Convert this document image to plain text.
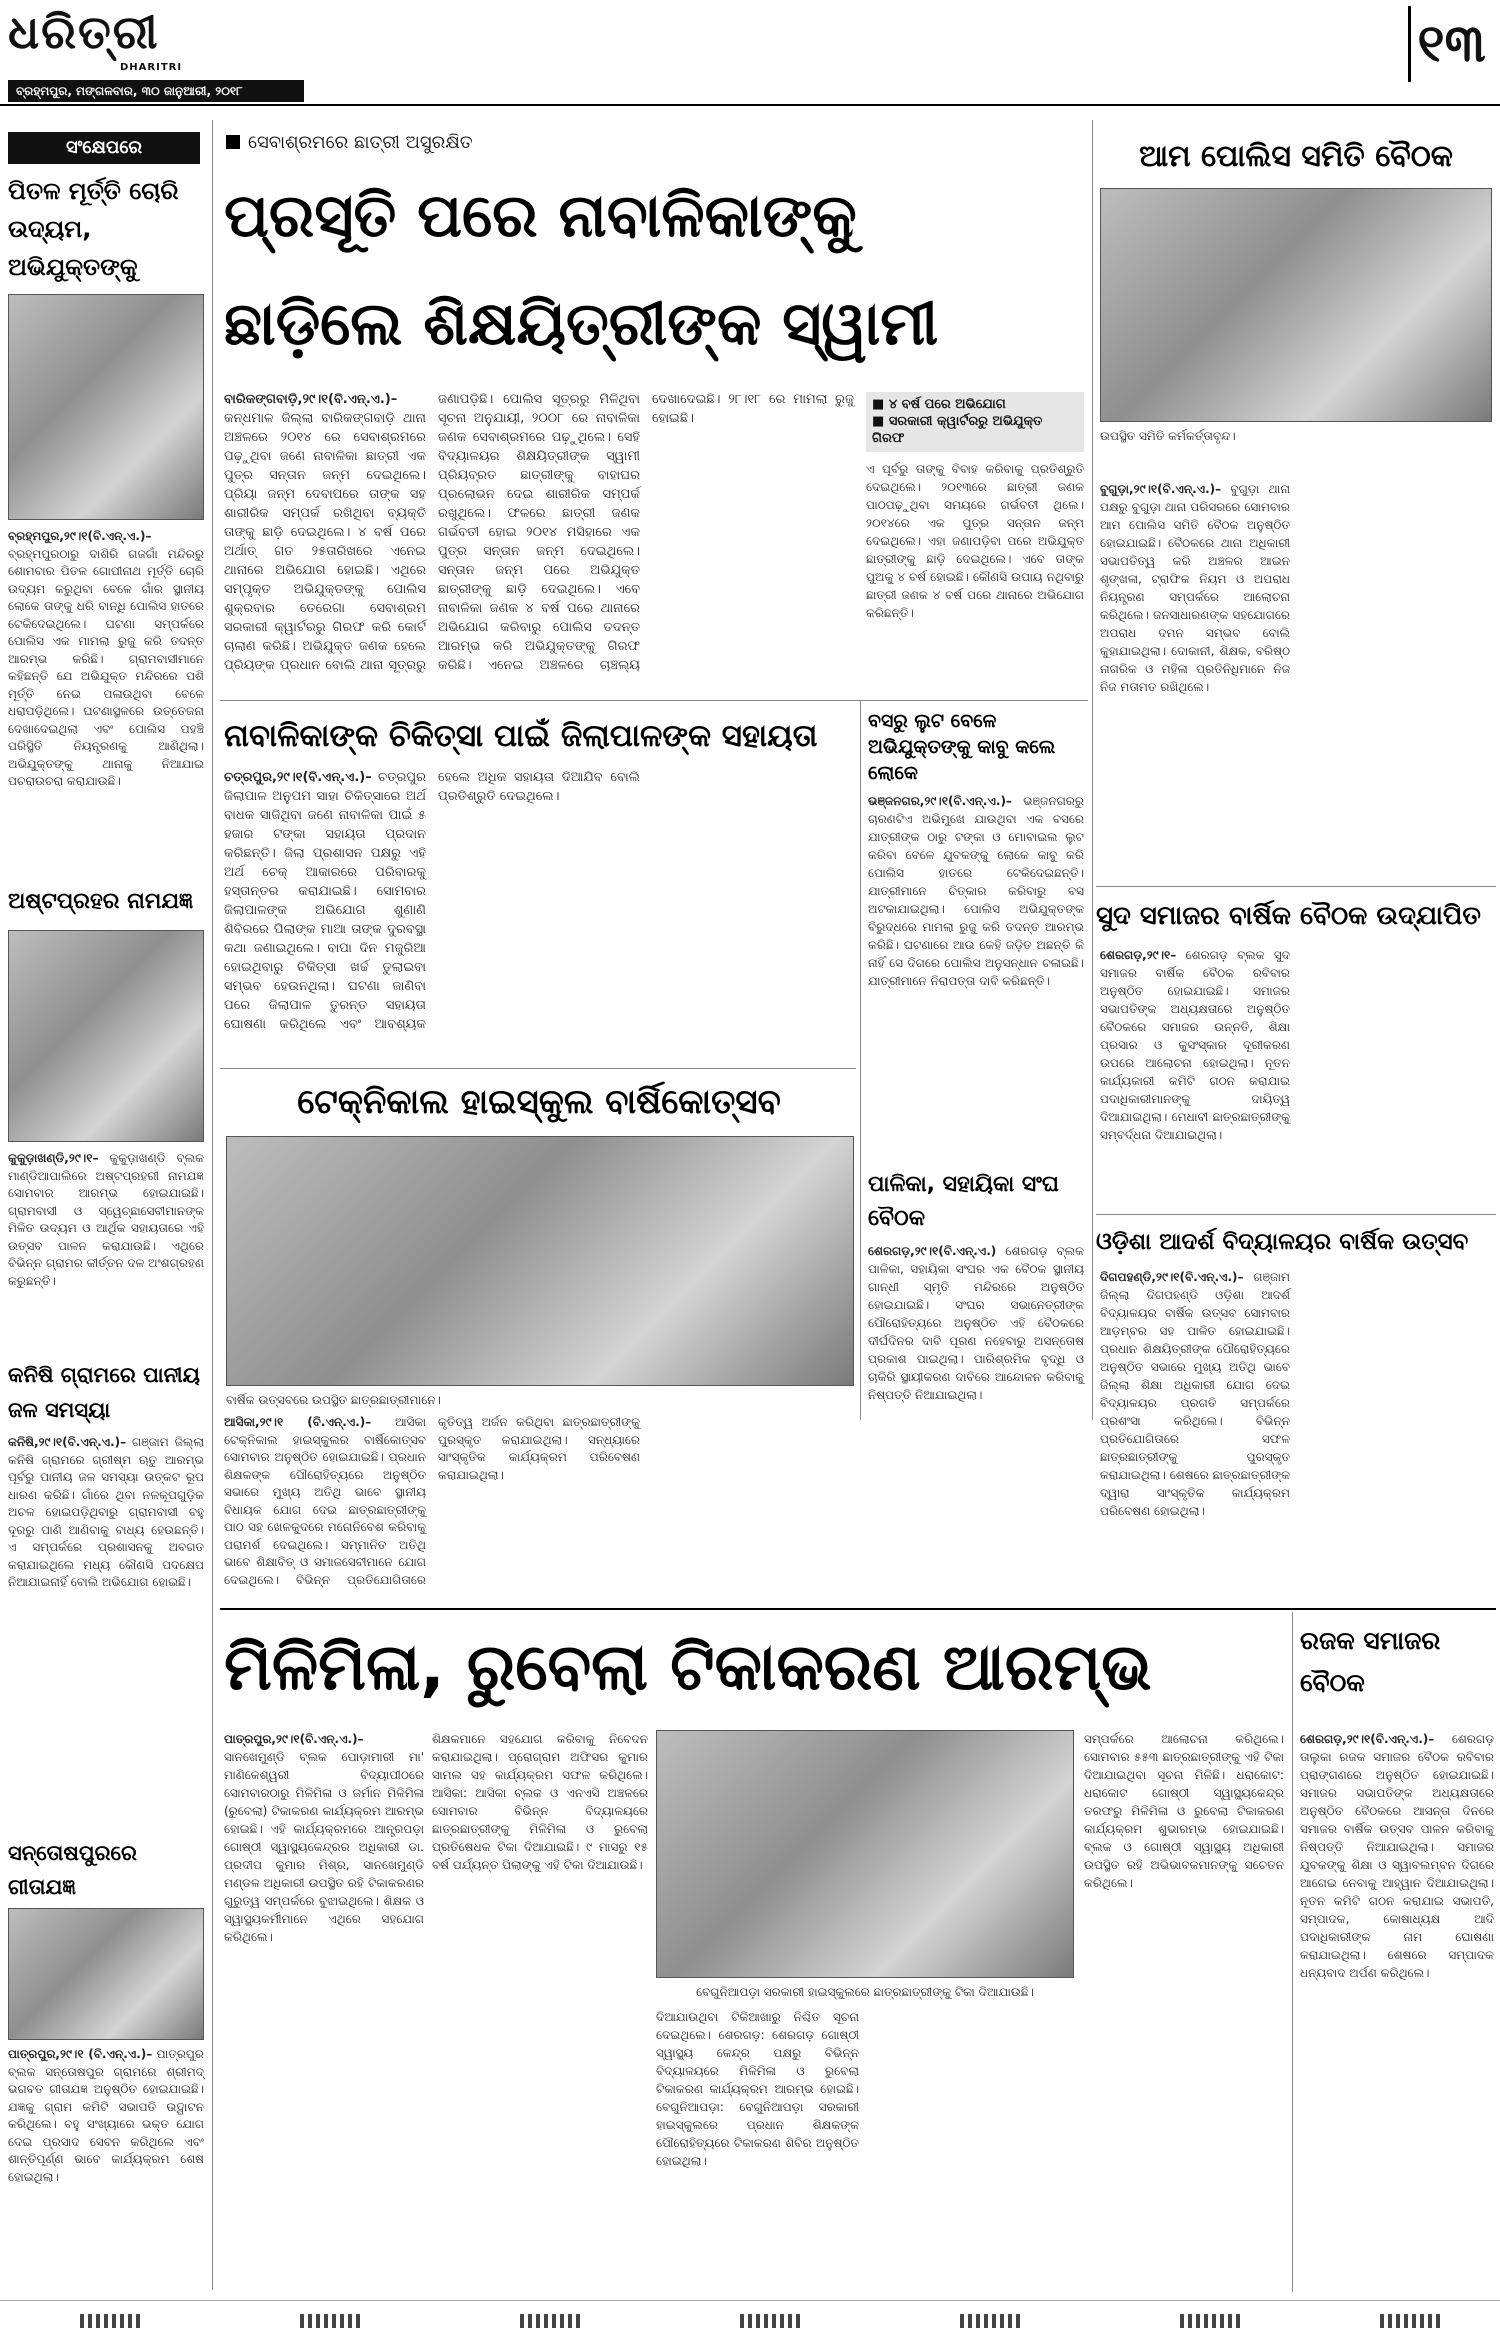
ଧରିତ୍ରୀ
DHARITRI
ବ୍ରହ୍ମପୁର, ମଙ୍ଗଳବାର, ୩୦ ଜାନୁଆରୀ, ୨୦୧୮
୧୩
ସଂକ୍ଷେପରେ
ପିତଳ ମୂର୍ତ୍ତି ଚୋରି ଉଦ୍ୟମ, ଅଭିଯୁକ୍ତଙ୍କୁ
ବ୍ରହ୍ମପୁର,୨୯।୧(ବି.ଏନ୍.ଏ.)– ବ୍ରହ୍ମପୁରଠାରୁ ଦାଶିରି ଗଜଗାଁ ମନ୍ଦିରରୁ ଶୋମବାର ପିତଳ ଗୋପୀନାଥ ମୂର୍ତ୍ତି ଚୋରି ଉଦ୍ୟମ କରୁଥିବା ବେଳେ ଗାଁର ସ୍ଥାନୀୟ ଲୋକେ ତାଙ୍କୁ ଧରି ବାନ୍ଧି ପୋଲିସ ହାତରେ ଟେକିଦେଇଥିଲେ। ଘଟଣା ସମ୍ପର୍କରେ ପୋଲିସ ଏକ ମାମଲା ରୁଜୁ କରି ତଦନ୍ତ ଆରମ୍ଭ କରିଛି। ଗ୍ରାମବାସୀମାନେ କହିଛନ୍ତି ଯେ ଅଭିଯୁକ୍ତ ମନ୍ଦିରରେ ପଶି ମୂର୍ତ୍ତି ନେଇ ପଳାଉଥିବା ବେଳେ ଧରାପଡ଼ିଥିଲେ। ଘଟଣାସ୍ଥଳରେ ଉତ୍ତେଜନା ଦେଖାଦେଇଥିଲା ଏବଂ ପୋଲିସ ପହଞ୍ଚି ପରିସ୍ଥିତି ନିୟନ୍ତ୍ରଣକୁ ଆଣିଥିଲା। ଅଭିଯୁକ୍ତଙ୍କୁ ଥାନାକୁ ନିଆଯାଇ ପଚରାଉଚରା କରାଯାଉଛି।
ଅଷ୍ଟପ୍ରହର ନାମଯଜ୍ଞ
କୁକୁଡ଼ାଖଣ୍ଡି,୨୯।୧– କୁକୁଡ଼ାଖଣ୍ଡି ବ୍ଲକ ମାଣ୍ଡିଆପାଲିରେ ଅଷ୍ଟପ୍ରହରୀ ନାମଯଜ୍ଞ ସୋମବାର ଆରମ୍ଭ ହୋଇଯାଇଛି। ଗ୍ରାମବାସୀ ଓ ସ୍ୱେଚ୍ଛାସେବୀମାନଙ୍କ ମିଳିତ ଉଦ୍ୟମ ଓ ଆର୍ଥିକ ସହାୟତାରେ ଏହି ଉତ୍ସବ ପାଳନ କରାଯାଉଛି। ଏଥିରେ ବିଭିନ୍ନ ଗ୍ରାମର କୀର୍ତ୍ତନ ଦଳ ଅଂଶଗ୍ରହଣ କରୁଛନ୍ତି।
କନିଷି ଗ୍ରାମରେ ପାନୀୟ ଜଳ ସମସ୍ୟା
କନିଷି,୨୯।୧(ବି.ଏନ୍.ଏ.)– ଗଞ୍ଜାମ ଜିଲ୍ଲା କନିଷି ଗ୍ରାମରେ ଗ୍ରୀଷ୍ମ ଋତୁ ଆରମ୍ଭ ପୂର୍ବରୁ ପାନୀୟ ଜଳ ସମସ୍ୟା ଉତ୍କଟ ରୂପ ଧାରଣ କରିଛି। ଗାଁରେ ଥିବା ନଳକୂପଗୁଡ଼ିକ ଅଚଳ ହୋଇପଡ଼ିଥିବାରୁ ଗ୍ରାମବାସୀ ବହୁ ଦୂରରୁ ପାଣି ଆଣିବାକୁ ବାଧ୍ୟ ହେଉଛନ୍ତି। ଏ ସମ୍ପର୍କରେ ପ୍ରଶାସନକୁ ଅବଗତ କରାଯାଇଥିଲେ ମଧ୍ୟ କୌଣସି ପଦକ୍ଷେପ ନିଆଯାଇନାହିଁ ବୋଲି ଅଭିଯୋଗ ହୋଇଛି।
ସନ୍ତୋଷପୁରରେ ଗୀତାଯଜ୍ଞ
ପାତ୍ରପୁର,୨୯।୧ (ବି.ଏନ୍.ଏ.)– ପାତ୍ରପୁର ବ୍ଲକ ସନ୍ତୋଷପୁର ଗ୍ରାମରେ ଶ୍ରୀମଦ୍ ଭଗବତ ଗୀତାଯଜ୍ଞ ଅନୁଷ୍ଠିତ ହୋଇଯାଇଛି। ଯଜ୍ଞକୁ ଗ୍ରାମ କମିଟି ସଭାପତି ଉଦ୍ଘାଟନ କରିଥିଲେ। ବହୁ ସଂଖ୍ୟାରେ ଭକ୍ତ ଯୋଗ ଦେଇ ପ୍ରସାଦ ସେବନ କରିଥିଲେ ଏବଂ ଶାନ୍ତିପୂର୍ଣ୍ଣ ଭାବେ କାର୍ଯ୍ୟକ୍ରମ ଶେଷ ହୋଇଥିଲା।
ସେବାଶ୍ରମରେ ଛାତ୍ରୀ ଅସୁରକ୍ଷିତ
ପ୍ରସୂତି ପରେ ନାବାଳିକାଙ୍କୁ
ଛାଡ଼ିଲେ ଶିକ୍ଷୟିତ୍ରୀଙ୍କ ସ୍ୱାମୀ
ବାରିକଙ୍ଗବାଡ଼ି,୨୯।୧(ବି.ଏନ୍.ଏ.)– କନ୍ଧମାଳ ଜିଲ୍ଲା ବାରିକଙ୍ଗବାଡ଼ି ଥାନା ଅଞ୍ଚଳରେ ୨୦୧୪ ରେ ସେବାଶ୍ରମରେ ପଢ଼ୁଥିବା ଜଣେ ନାବାଳିକା ଛାତ୍ରୀ ଏକ ପୁତ୍ର ସନ୍ତାନ ଜନ୍ମ ଦେଇଥିଲେ। ପ୍ରିୟା ଜନ୍ମ ଦେବାପରେ ତାଙ୍କ ସହ ଶାରୀରିକ ସମ୍ପର୍କ ରଖିଥିବା ବ୍ୟକ୍ତି ତାଙ୍କୁ ଛାଡ଼ି ଦେଇଥିଲେ। ୪ ବର୍ଷ ପରେ ଅର୍ଥାତ୍ ଗତ ୨୫ତାରିଖରେ ଏନେଇ ଥାନାରେ ଅଭିଯୋଗ ହୋଇଛି। ଏଥିରେ ସମ୍ପୃକ୍ତ ଅଭିଯୁକ୍ତଙ୍କୁ ପୋଲିସ ଶୁକ୍ରବାର ତେରେଗା ସେବାଶ୍ରମ ସରକାରୀ କ୍ୱାର୍ଟରରୁ ଗିରଫ କରି କୋର୍ଟ ଚାଲାଣ କରିଛି। ଅଭିଯୁକ୍ତ ଜଣକ ହେଲେ ପ୍ରିୟଙ୍କ ପ୍ରଧାନ ବୋଲି ଥାନା ସୂତ୍ରରୁ ଜଣାପଡ଼ିଛି। ପୋଲିସ ସୂତ୍ରରୁ ମିଳିଥିବା ସୂଚନା ଅନୁଯାୟୀ, ୨୦୦୮ ରେ ନାବାଳିକା ଜଣକ ସେବାଶ୍ରମରେ ପଢ଼ୁଥିଲେ। ସେହି ବିଦ୍ୟାଳୟର ଶିକ୍ଷୟିତ୍ରୀଙ୍କ ସ୍ୱାମୀ ପ୍ରିୟବ୍ରତ ଛାତ୍ରୀଙ୍କୁ ବାହାଘର ପ୍ରଲୋଭନ ଦେଇ ଶାରୀରିକ ସମ୍ପର୍କ ରଖୁଥିଲେ। ଫଳରେ ଛାତ୍ରୀ ଜଣକ ଗର୍ଭବତୀ ହୋଇ ୨୦୧୪ ମସିହାରେ ଏକ ପୁତ୍ର ସନ୍ତାନ ଜନ୍ମ ଦେଇଥିଲେ। ସନ୍ତାନ ଜନ୍ମ ପରେ ଅଭିଯୁକ୍ତ ଛାତ୍ରୀଙ୍କୁ ଛାଡ଼ି ଦେଇଥିଲେ। ଏବେ ନାବାଳିକା ଜଣକ ୪ ବର୍ଷ ପରେ ଥାନାରେ ଅଭିଯୋଗ କରିବାରୁ ପୋଲିସ ତଦନ୍ତ ଆରମ୍ଭ କରି ଅଭିଯୁକ୍ତଙ୍କୁ ଗିରଫ କରିଛି। ଏନେଇ ଅଞ୍ଚଳରେ ଚାଞ୍ଚଲ୍ୟ ଦେଖାଦେଇଛି। ୨୮।୧୮ ରେ ମାମଲା ରୁଜୁ ହୋଇଛି।
■ ୪ ବର୍ଷ ପରେ ଅଭିଯୋଗ
■ ସରକାରୀ କ୍ୱାର୍ଟରରୁ ଅଭିଯୁକ୍ତ ଗିରଫ
ଏ ପୂର୍ବରୁ ତାଙ୍କୁ ବିବାହ କରିବାକୁ ପ୍ରତିଶ୍ରୁତି ଦେଇଥିଲେ। ୨୦୧୩ରେ ଛାତ୍ରୀ ଜଣକ ପାଠପଢ଼ୁଥିବା ସମୟରେ ଗର୍ଭବତୀ ଥିଲେ। ୨୦୧୪ରେ ଏକ ପୁତ୍ର ସନ୍ତାନ ଜନ୍ମ ଦେଇଥିଲେ। ଏହା ଜଣାପଡ଼ିବା ପରେ ଅଭିଯୁକ୍ତ ଛାତ୍ରୀଙ୍କୁ ଛାଡ଼ି ଦେଇଥିଲେ। ଏବେ ତାଙ୍କ ପୁଅକୁ ୪ ବର୍ଷ ହୋଇଛି। କୌଣସି ଉପାୟ ନଥିବାରୁ ଛାତ୍ରୀ ଜଣକ ୪ ବର୍ଷ ପରେ ଥାନାରେ ଅଭିଯୋଗ କରିଛନ୍ତି।
ନାବାଳିକାଙ୍କ ଚିକିତ୍ସା ପାଇଁ ଜିଲାପାଳଙ୍କ ସହାୟତା
ଚତ୍ରପୁର,୨୯।୧(ବି.ଏନ୍.ଏ.)– ଚତ୍ରପୁର ଜିଲାପାଳ ଅନୁପମ ସାହା ଚିକିତ୍ସାରେ ଅର୍ଥ ବାଧକ ସାଜିଥିବା ଜଣେ ନାବାଳିକା ପାଇଁ ୫ ହଜାର ଟଙ୍କା ସହାୟତା ପ୍ରଦାନ କରିଛନ୍ତି। ଜିଲା ପ୍ରଶାସନ ପକ୍ଷରୁ ଏହି ଅର୍ଥ ଚେକ୍ ଆକାରରେ ପରିବାରକୁ ହସ୍ତାନ୍ତର କରାଯାଇଛି। ସୋମବାର ଜିଲାପାଳଙ୍କ ଅଭିଯୋଗ ଶୁଣାଣି ଶିବିରରେ ପିଲାଙ୍କ ମାଆ ତାଙ୍କ ଦୁରବସ୍ଥା କଥା ଜଣାଇଥିଲେ। ବାପା ଦିନ ମଜୁରିଆ ହୋଇଥିବାରୁ ଚିକିତ୍ସା ଖର୍ଚ୍ଚ ତୁଲାଇବା ସମ୍ଭବ ହେଉନଥିଲା। ଘଟଣା ଜାଣିବା ପରେ ଜିଲାପାଳ ତୁରନ୍ତ ସହାୟତା ଘୋଷଣା କରିଥିଲେ ଏବଂ ଆବଶ୍ୟକ ହେଲେ ଅଧିକ ସହାୟତା ଦିଆଯିବ ବୋଲି ପ୍ରତିଶ୍ରୁତି ଦେଇଥିଲେ।
ବସରୁ ଲୁଟ ବେଳେ ଅଭିଯୁକ୍ତଙ୍କୁ କାବୁ କଲେ ଲୋକେ
ଭଞ୍ଜନଗର,୨୯।୧(ବି.ଏନ୍.ଏ.)– ଭଞ୍ଜନଗରରୁ ଚାରଣଟିଏ ଅଭିମୁଖେ ଯାଉଥିବା ଏକ ବସରେ ଯାତ୍ରୀଙ୍କ ଠାରୁ ଟଙ୍କା ଓ ମୋବାଇଲ ଲୁଟ କରିବା ବେଳେ ଯୁବକଙ୍କୁ ଲୋକେ କାବୁ କରି ପୋଲିସ ହାତରେ ଟେକିଦେଇଛନ୍ତି। ଯାତ୍ରୀମାନେ ଚିତ୍କାର କରିବାରୁ ବସ ଅଟକାଯାଇଥିଲା। ପୋଲିସ ଅଭିଯୁକ୍ତଙ୍କ ବିରୁଦ୍ଧରେ ମାମଲା ରୁଜୁ କରି ତଦନ୍ତ ଆରମ୍ଭ କରିଛି। ଘଟଣାରେ ଆଉ କେହି ଜଡ଼ିତ ଅଛନ୍ତି କି ନାହିଁ ସେ ଦିଗରେ ପୋଲିସ ଅନୁସନ୍ଧାନ ଚଳାଇଛି। ଯାତ୍ରୀମାନେ ନିରାପତ୍ତା ଦାବି କରିଛନ୍ତି।
ପାଳିକା, ସହାୟିକା ସଂଘ ବୈଠକ
ଶେରଗଡ଼,୨୯।୧(ବି.ଏନ୍.ଏ.) ଶେରଗଡ଼ ବ୍ଲକ ପାଳିକା, ସହାୟିକା ସଂଘର ଏକ ବୈଠକ ସ୍ଥାନୀୟ ଗାନ୍ଧୀ ସ୍ମୃତି ମନ୍ଦିରରେ ଅନୁଷ୍ଠିତ ହୋଇଯାଇଛି। ସଂଘର ସଭାନେତ୍ରୀଙ୍କ ପୌରୋହିତ୍ୟରେ ଅନୁଷ୍ଠିତ ଏହି ବୈଠକରେ ଦୀର୍ଘଦିନର ଦାବି ପୂରଣ ନହେବାରୁ ଅସନ୍ତୋଷ ପ୍ରକାଶ ପାଇଥିଲା। ପାରିଶ୍ରମିକ ବୃଦ୍ଧି ଓ ଚାକିରି ସ୍ଥାୟୀକରଣ ଦାବିରେ ଆନ୍ଦୋଳନ କରିବାକୁ ନିଷ୍ପତ୍ତି ନିଆଯାଇଥିଲା।
ଟେକ୍ନିକାଲ ହାଇସ୍କୁଲ ବାର୍ଷିକୋତ୍ସବ
ବାର୍ଷିକ ଉତ୍ସବରେ ଉପସ୍ଥିତ ଛାତ୍ରଛାତ୍ରୀମାନେ।
ଆସିକା,୨୯।୧ (ବି.ଏନ୍.ଏ.)– ଆସିକା ଟେକ୍ନିକାଲ ହାଇସ୍କୁଲର ବାର୍ଷିକୋତ୍ସବ ସୋମବାର ଅନୁଷ୍ଠିତ ହୋଇଯାଇଛି। ପ୍ରଧାନ ଶିକ୍ଷକଙ୍କ ପୌରୋହିତ୍ୟରେ ଅନୁଷ୍ଠିତ ସଭାରେ ମୁଖ୍ୟ ଅତିଥି ଭାବେ ସ୍ଥାନୀୟ ବିଧାୟକ ଯୋଗ ଦେଇ ଛାତ୍ରଛାତ୍ରୀଙ୍କୁ ପାଠ ସହ ଖେଳକୁଦରେ ମନୋନିବେଶ କରିବାକୁ ପରାମର୍ଶ ଦେଇଥିଲେ। ସମ୍ମାନିତ ଅତିଥି ଭାବେ ଶିକ୍ଷାବିତ୍ ଓ ସମାଜସେବୀମାନେ ଯୋଗ ଦେଇଥିଲେ। ବିଭିନ୍ନ ପ୍ରତିଯୋଗିତାରେ କୃତିତ୍ୱ ଅର୍ଜନ କରିଥିବା ଛାତ୍ରଛାତ୍ରୀଙ୍କୁ ପୁରସ୍କୃତ କରାଯାଇଥିଲା। ସନ୍ଧ୍ୟାରେ ସାଂସ୍କୃତିକ କାର୍ଯ୍ୟକ୍ରମ ପରିବେଷଣ କରାଯାଇଥିଲା।
ଆମ ପୋଲିସ ସମିତି ବୈଠକ
ଉପସ୍ଥିତ ସମିତି କର୍ମକର୍ତ୍ତାବୃନ୍ଦ।
ବୁଗୁଡ଼ା,୨୯।୧(ବି.ଏନ୍.ଏ.)– ବୁଗୁଡ଼ା ଥାନା ପକ୍ଷରୁ ବୁଗୁଡ଼ା ଥାନା ପରିସରରେ ସୋମବାର ଆମ ପୋଲିସ ସମିତି ବୈଠକ ଅନୁଷ୍ଠିତ ହୋଇଯାଇଛି। ବୈଠକରେ ଥାନା ଅଧିକାରୀ ସଭାପତିତ୍ୱ କରି ଅଞ୍ଚଳର ଆଇନ ଶୃଙ୍ଖଳା, ଟ୍ରାଫିକ ନିୟମ ଓ ଅପରାଧ ନିୟନ୍ତ୍ରଣ ସମ୍ପର୍କରେ ଆଲୋଚନା କରିଥିଲେ। ଜନସାଧାରଣଙ୍କ ସହଯୋଗରେ ଅପରାଧ ଦମନ ସମ୍ଭବ ବୋଲି କୁହାଯାଇଥିଲା। ଦୋକାନୀ, ଶିକ୍ଷକ, ବରିଷ୍ଠ ନାଗରିକ ଓ ମହିଳା ପ୍ରତିନିଧିମାନେ ନିଜ ନିଜ ମତାମତ ରଖିଥିଲେ।
ସୁଦ ସମାଜର ବାର୍ଷିକ ବୈଠକ ଉଦ୍ଯାପିତ
ଶେରଗଡ଼,୨୯।୧– ଶେରଗଡ଼ ବ୍ଲକ ସୁଦ ସମାଜର ବାର୍ଷିକ ବୈଠକ ରବିବାର ଅନୁଷ୍ଠିତ ହୋଇଯାଇଛି। ସମାଜର ସଭାପତିଙ୍କ ଅଧ୍ୟକ୍ଷତାରେ ଅନୁଷ୍ଠିତ ବୈଠକରେ ସମାଜର ଉନ୍ନତି, ଶିକ୍ଷା ପ୍ରସାର ଓ କୁସଂସ୍କାର ଦୂରୀକରଣ ଉପରେ ଆଲୋଚନା ହୋଇଥିଲା। ନୂତନ କାର୍ଯ୍ୟକାରୀ କମିଟି ଗଠନ କରାଯାଇ ପଦାଧିକାରୀମାନଙ୍କୁ ଦାୟିତ୍ୱ ଦିଆଯାଇଥିଲା। ମେଧାବୀ ଛାତ୍ରଛାତ୍ରୀଙ୍କୁ ସମ୍ବର୍ଦ୍ଧନା ଦିଆଯାଇଥିଲା।
ଓଡ଼ିଶା ଆଦର୍ଶ ବିଦ୍ୟାଳୟର ବାର୍ଷିକ ଉତ୍ସବ
ଦିଗପହଣ୍ଡି,୨୯।୧(ବି.ଏନ୍.ଏ.)– ଗଞ୍ଜାମ ଜିଲ୍ଲା ଦିଗପହଣ୍ଡି ଓଡ଼ିଶା ଆଦର୍ଶ ବିଦ୍ୟାଳୟର ବାର୍ଷିକ ଉତ୍ସବ ସୋମବାର ଆଡ଼ମ୍ବର ସହ ପାଳିତ ହୋଇଯାଇଛି। ପ୍ରଧାନ ଶିକ୍ଷୟିତ୍ରୀଙ୍କ ପୌରୋହିତ୍ୟରେ ଅନୁଷ୍ଠିତ ସଭାରେ ମୁଖ୍ୟ ଅତିଥି ଭାବେ ଜିଲ୍ଲା ଶିକ୍ଷା ଅଧିକାରୀ ଯୋଗ ଦେଇ ବିଦ୍ୟାଳୟର ପ୍ରଗତି ସମ୍ପର୍କରେ ପ୍ରଶଂସା କରିଥିଲେ। ବିଭିନ୍ନ ପ୍ରତିଯୋଗିତାରେ ସଫଳ ଛାତ୍ରଛାତ୍ରୀଙ୍କୁ ପୁରସ୍କୃତ କରାଯାଇଥିଲା। ଶେଷରେ ଛାତ୍ରଛାତ୍ରୀଙ୍କ ଦ୍ୱାରା ସାଂସ୍କୃତିକ କାର୍ଯ୍ୟକ୍ରମ ପରିବେଷଣ ହୋଇଥିଲା।
ମିଳିମିଳା, ରୁବେଲା ଟିକାକରଣ ଆରମ୍ଭ
ପାତ୍ରପୁର,୨୯।୧(ବି.ଏନ୍.ଏ.)– ସାନଖେମୁଣ୍ଡି ବ୍ଲକ ପୋଡ଼ାମାରୀ ମା' ମାଣିକେଶ୍ୱରୀ ବିଦ୍ୟାପୀଠରେ ସୋମବାରଠାରୁ ମିଳିମିଳା ଓ ଜର୍ମାନ ମିଳିମିଳା (ରୁବେଲା) ଟିକାକରଣ କାର୍ଯ୍ୟକ୍ରମ ଆରମ୍ଭ ହୋଇଛି। ଏହି କାର୍ଯ୍ୟକ୍ରମରେ ଆନ୍ତ୍ରପଡ଼ା ଗୋଷ୍ଠୀ ସ୍ୱାସ୍ଥ୍ୟକେନ୍ଦ୍ରର ଅଧିକାରୀ ଡା. ପ୍ରଦୀପ କୁମାର ମିଶ୍ର, ସାନଖେମୁଣ୍ଡି ମଣ୍ଡଳ ଅଧିକାରୀ ଉପସ୍ଥିତ ରହି ଟିକାକରଣର ଗୁରୁତ୍ୱ ସମ୍ପର୍କରେ ବୁଝାଇଥିଲେ। ଶିକ୍ଷକ ଓ ସ୍ୱାସ୍ଥ୍ୟକର୍ମୀମାନେ ଏଥିରେ ସହଯୋଗ କରିଥିଲେ।
ଶିକ୍ଷକମାନେ ସହଯୋଗ କରିବାକୁ ନିବେଦନ କରାଯାଇଥିଲା। ପ୍ରୋଗ୍ରାମ ଅଫିସର କୁମାର ସାମଲ ସହ କାର୍ଯ୍ୟକ୍ରମ ସଫଳ କରିଥିଲେ। ଆସିକା: ଆସିକା ବ୍ଲକ ଓ ଏନଏସି ଅଞ୍ଚଳରେ ସୋମବାର ବିଭିନ୍ନ ବିଦ୍ୟାଳୟରେ ଛାତ୍ରଛାତ୍ରୀଙ୍କୁ ମିଳିମିଳା ଓ ରୁବେଲା ପ୍ରତିଷେଧକ ଟିକା ଦିଆଯାଇଛି। ୯ ମାସରୁ ୧୫ ବର୍ଷ ପର୍ଯ୍ୟନ୍ତ ପିଲାଙ୍କୁ ଏହି ଟିକା ଦିଆଯାଉଛି।
ବେଗୁନିଆପଡ଼ା ସରକାରୀ ହାଇସ୍କୁଲରେ ଛାତ୍ରଛାତ୍ରୀଙ୍କୁ ଟିକା ଦିଆଯାଉଛି।
ଦିଆଯାଉଥିବା ଟିକିଆଖାରୁ ନିଶ୍ଚିତ ସୂଚନା ଦେଇଥିଲେ। ଶେରଗଡ଼: ଶେରଗଡ଼ ଗୋଷ୍ଠୀ ସ୍ୱାସ୍ଥ୍ୟ କେନ୍ଦ୍ର ପକ୍ଷରୁ ବିଭିନ୍ନ ବିଦ୍ୟାଳୟରେ ମିଳିମିଳା ଓ ରୁବେଲା ଟିକାକରଣ କାର୍ଯ୍ୟକ୍ରମ ଆରମ୍ଭ ହୋଇଛି। ବେଗୁନିଆପଡ଼ା: ବେଗୁନିଆପଡ଼ା ସରକାରୀ ହାଇସ୍କୁଲରେ ପ୍ରଧାନ ଶିକ୍ଷକଙ୍କ ପୌରୋହିତ୍ୟରେ ଟିକାକରଣ ଶିବିର ଅନୁଷ୍ଠିତ ହୋଇଥିଲା।
ସମ୍ପର୍କରେ ଆଲୋଚନା କରିଥିଲେ। ସୋମବାର ୫୫୩ ଛାତ୍ରଛାତ୍ରୀଙ୍କୁ ଏହି ଟିକା ଦିଆଯାଇଥିବା ସୂଚନା ମିଳିଛି। ଧରାକୋଟ: ଧରାକୋଟ ଗୋଷ୍ଠୀ ସ୍ୱାସ୍ଥ୍ୟକେନ୍ଦ୍ର ତରଫରୁ ମିଳିମିଳା ଓ ରୁବେଲା ଟିକାକରଣ କାର୍ଯ୍ୟକ୍ରମ ଶୁଭାରମ୍ଭ ହୋଇଯାଇଛି। ବ୍ଲକ ଓ ଗୋଷ୍ଠୀ ସ୍ୱାସ୍ଥ୍ୟ ଅଧିକାରୀ ଉପସ୍ଥିତ ରହି ଅଭିଭାବକମାନଙ୍କୁ ସଚେତନ କରିଥିଲେ।
ରଜକ ସମାଜର ବୈଠକ
ଶେରଗଡ଼,୨୯।୧(ବି.ଏନ୍.ଏ.)– ଶେରଗଡ଼ ତାଲୁକା ରଜକ ସମାଜର ବୈଠକ ରବିବାର ପ୍ରାଙ୍ଗଣରେ ଅନୁଷ୍ଠିତ ହୋଇଯାଇଛି। ସମାଜର ସଭାପତିଙ୍କ ଅଧ୍ୟକ୍ଷତାରେ ଅନୁଷ୍ଠିତ ବୈଠକରେ ଆସନ୍ତା ଦିନରେ ସମାଜର ବାର୍ଷିକ ଉତ୍ସବ ପାଳନ କରିବାକୁ ନିଷ୍ପତ୍ତି ନିଆଯାଇଥିଲା। ସମାଜର ଯୁବକଙ୍କୁ ଶିକ୍ଷା ଓ ସ୍ୱାବଲମ୍ବନ ଦିଗରେ ଆଗେଇ ନେବାକୁ ଆହ୍ୱାନ ଦିଆଯାଇଥିଲା। ନୂତନ କମିଟି ଗଠନ କରାଯାଇ ସଭାପତି, ସମ୍ପାଦକ, କୋଷାଧ୍ୟକ୍ଷ ଆଦି ପଦାଧିକାରୀଙ୍କ ନାମ ଘୋଷଣା କରାଯାଇଥିଲା। ଶେଷରେ ସମ୍ପାଦକ ଧନ୍ୟବାଦ ଅର୍ପଣ କରିଥିଲେ।
